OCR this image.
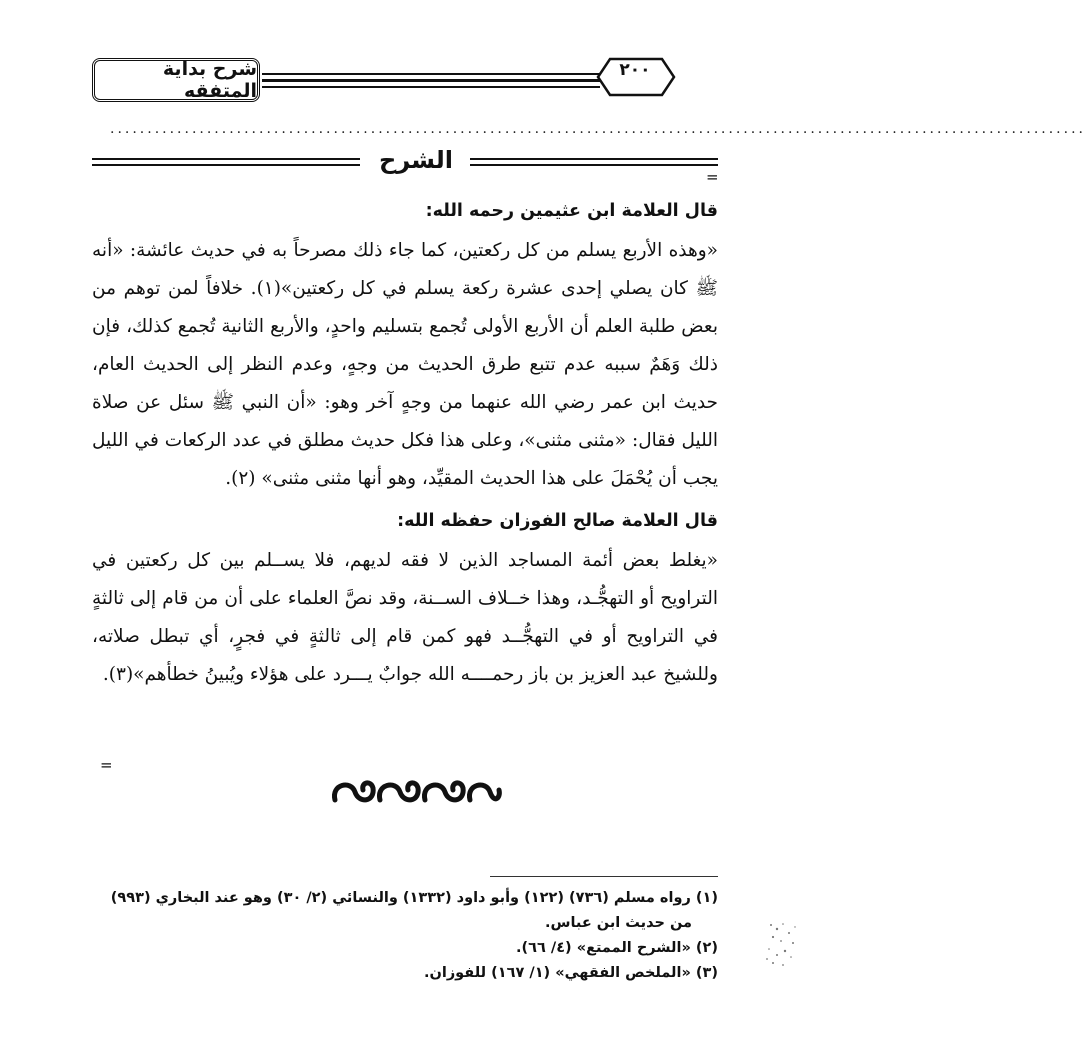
شرح بداية المتفقه
٢٠٠
...................................................................................................................................
الشرح
=

قال العلامة ابن عثيمين رحمه الله:

«وهذه الأربع يسلم من كل ركعتين، كما جاء ذلك مصرحاً به في حديث عائشة: «أنه ﷺ كان يصلي إحدى عشرة ركعة يسلم في كل ركعتين»(١). خلافاً لمن توهم من بعض طلبة العلم أن الأربع الأولى تُجمع بتسليم واحدٍ، والأربع الثانية تُجمع كذلك، فإن ذلك وَهَمٌ سببه عدم تتبع طرق الحديث من وجهٍ، وعدم النظر إلى الحديث العام، حديث ابن عمر رضي الله عنهما من وجهٍ آخر وهو: «أن النبي ﷺ سئل عن صلاة الليل فقال: «مثنى مثنى»، وعلى هذا فكل حديث مطلق في عدد الركعات في الليل يجب أن يُحْمَلَ على هذا الحديث المقيِّد، وهو أنها مثنى مثنى» (٢).

قال العلامة صالح الفوزان حفظه الله:

«يغلط بعض أئمة المساجد الذين لا فقه لديهم، فلا يســلم بين كل ركعتين في التراويح أو التهجُّـد، وهذا خــلاف الســنة، وقد نصَّ العلماء على أن من قام إلى ثالثةٍ في التراويح أو في التهجُّــد فهو كمن قام إلى ثالثةٍ في فجرٍ، أي تبطل صلاته، وللشيخ عبد العزيز بن باز رحمــــه الله جوابٌ يـــرد على هؤلاء ويُبينُ خطأهم»(٣).

=
(١) رواه مسلم (٧٣٦) (١٢٢) وأبو داود (١٣٣٢) والنسائي (٢/ ٣٠) وهو عند البخاري (٩٩٣)
من حديث ابن عباس.
(٢) «الشرح الممتع» (٤/ ٦٦).
(٣) «الملخص الفقهي» (١/ ١٦٧) للفوزان.
